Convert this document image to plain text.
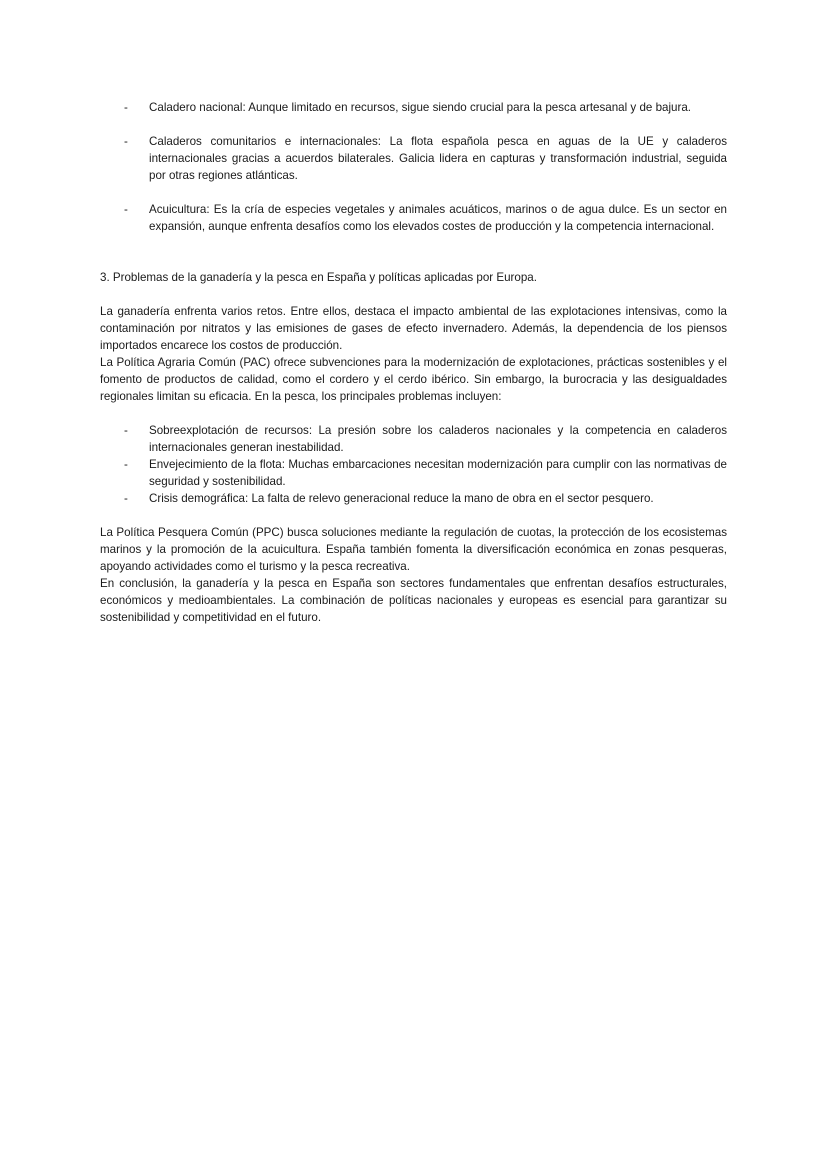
-	Caladero nacional: Aunque limitado en recursos, sigue siendo crucial para la pesca artesanal y de bajura.
-	Caladeros comunitarios e internacionales: La flota española pesca en aguas de la UE y caladeros internacionales gracias a acuerdos bilaterales. Galicia lidera en capturas y transformación industrial, seguida por otras regiones atlánticas.
-	Acuicultura: Es la cría de especies vegetales y animales acuáticos, marinos o de agua dulce. Es un sector en expansión, aunque enfrenta desafíos como los elevados costes de producción y la competencia internacional.
3. Problemas de la ganadería y la pesca en España y políticas aplicadas por Europa.

La ganadería enfrenta varios retos. Entre ellos, destaca el impacto ambiental de las explotaciones intensivas, como la contaminación por nitratos y las emisiones de gases de efecto invernadero. Además, la dependencia de los piensos importados encarece los costos de producción.

La Política Agraria Común (PAC) ofrece subvenciones para la modernización de explotaciones, prácticas sostenibles y el fomento de productos de calidad, como el cordero y el cerdo ibérico. Sin embargo, la burocracia y las desigualdades regionales limitan su eficacia. En la pesca, los principales problemas incluyen:

-	Sobreexplotación de recursos: La presión sobre los caladeros nacionales y la competencia en caladeros internacionales generan inestabilidad.
-	Envejecimiento de la flota: Muchas embarcaciones necesitan modernización para cumplir con las normativas de seguridad y sostenibilidad.
-	Crisis demográfica: La falta de relevo generacional reduce la mano de obra en el sector pesquero.

La Política Pesquera Común (PPC) busca soluciones mediante la regulación de cuotas, la protección de los ecosistemas marinos y la promoción de la acuicultura. España también fomenta la diversificación económica en zonas pesqueras, apoyando actividades como el turismo y la pesca recreativa.

En conclusión, la ganadería y la pesca en España son sectores fundamentales que enfrentan desafíos estructurales, económicos y medioambientales. La combinación de políticas nacionales y europeas es esencial para garantizar su sostenibilidad y competitividad en el futuro.
